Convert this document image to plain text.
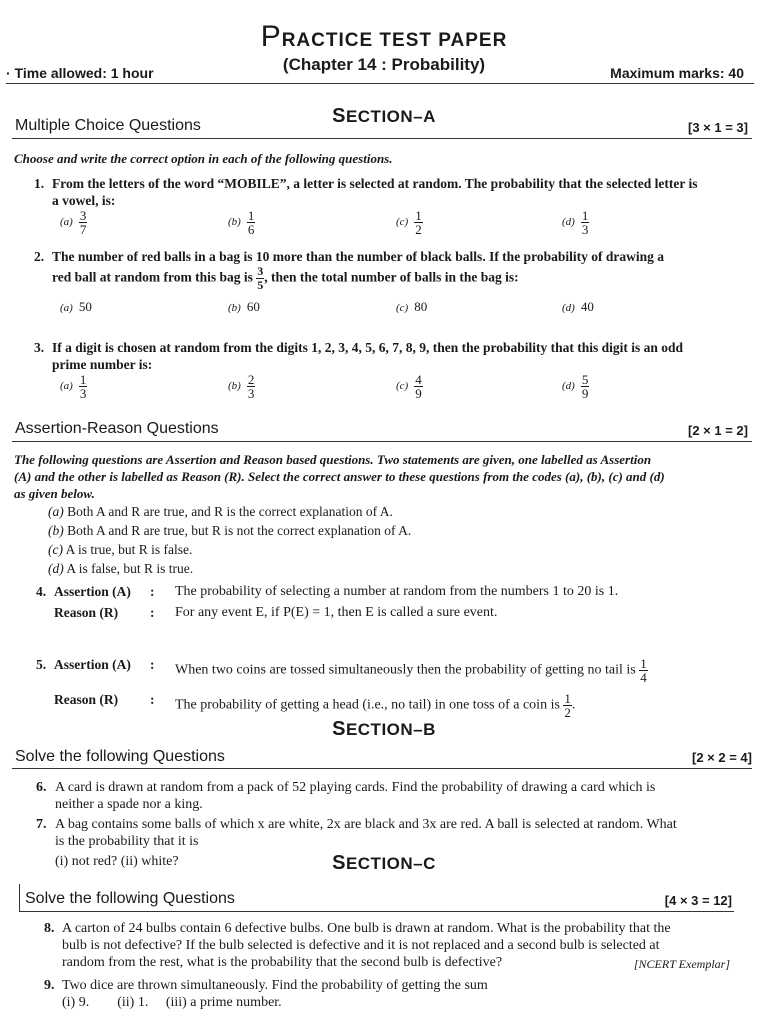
PRACTICE TEST PAPER
(Chapter 14 : Probability)
· Time allowed: 1 hour	Maximum marks: 40
SECTION–A
Multiple Choice Questions	[3 × 1 = 3]
Choose and write the correct option in each of the following questions.
1. From the letters of the word “MOBILE”, a letter is selected at random. The probability that the selected letter is
a vowel, is:
$(a) \frac{3}{7}$	$(b) \frac{1}{6}$	$(c) \frac{1}{2}$	$(d) \frac{1}{3}$
2. The number of red balls in a bag is 10 more than the number of black balls. If the probability of drawing a
red ball at random from this bag is $\frac{3}{5}$ , then the total number of balls in the bag is:
(a) 50	(b) 60	(c) 80	(d) 40
3. If a digit is chosen at random from the digits 1, 2, 3, 4, 5, 6, 7, 8, 9, then the probability that this digit is an odd
prime number is:
$(a) \frac{1}{3}$	$(b) \frac{2}{3}$	$(c) \frac{4}{9}$	$(d) \frac{5}{9}$
Assertion-Reason Questions	[2 × 1 = 2]
The following questions are Assertion and Reason based questions. Two statements are given, one labelled as Assertion
(A) and the other is labelled as Reason (R). Select the correct answer to these questions from the codes (a), (b), (c) and (d)
as given below.
(a) Both A and R are true, and R is the correct explanation of A.
(b) Both A and R are true, but R is not the correct explanation of A.
(c) A is true, but R is false.
(d) A is false, but R is true.
4. Assertion (A) : The probability of selecting a number at random from the numbers 1 to 20 is 1.
Reason (R) : For any event E, if P(E) = 1, then E is called a sure event.
5. Assertion (A) : When two coins are tossed simultaneously then the probability of getting no tail is $\frac{1}{4}$
Reason (R) : The probability of getting a head (i.e., no tail) in one toss of a coin is $\frac{1}{2}$ .
SECTION–B
Solve the following Questions	[2 × 2 = 4]
6. A card is drawn at random from a pack of 52 playing cards. Find the probability of drawing a card which is
neither a spade nor a king.
7. A bag contains some balls of which x are white, 2x are black and 3x are red. A ball is selected at random. What
is the probability that it is
(i) not red? (ii) white?	SECTION–C
Solve the following Questions	[4 × 3 = 12]
8. A carton of 24 bulbs contain 6 defective bulbs. One bulb is drawn at random. What is the probability that the
bulb is not defective? If the bulb selected is defective and it is not replaced and a second bulb is selected at
random from the rest, what is the probability that the second bulb is defective?	[NCERT Exemplar]
9. Two dice are thrown simultaneously. Find the probability of getting the sum
(i) 9.        (ii) 1.     (iii) a prime number.
